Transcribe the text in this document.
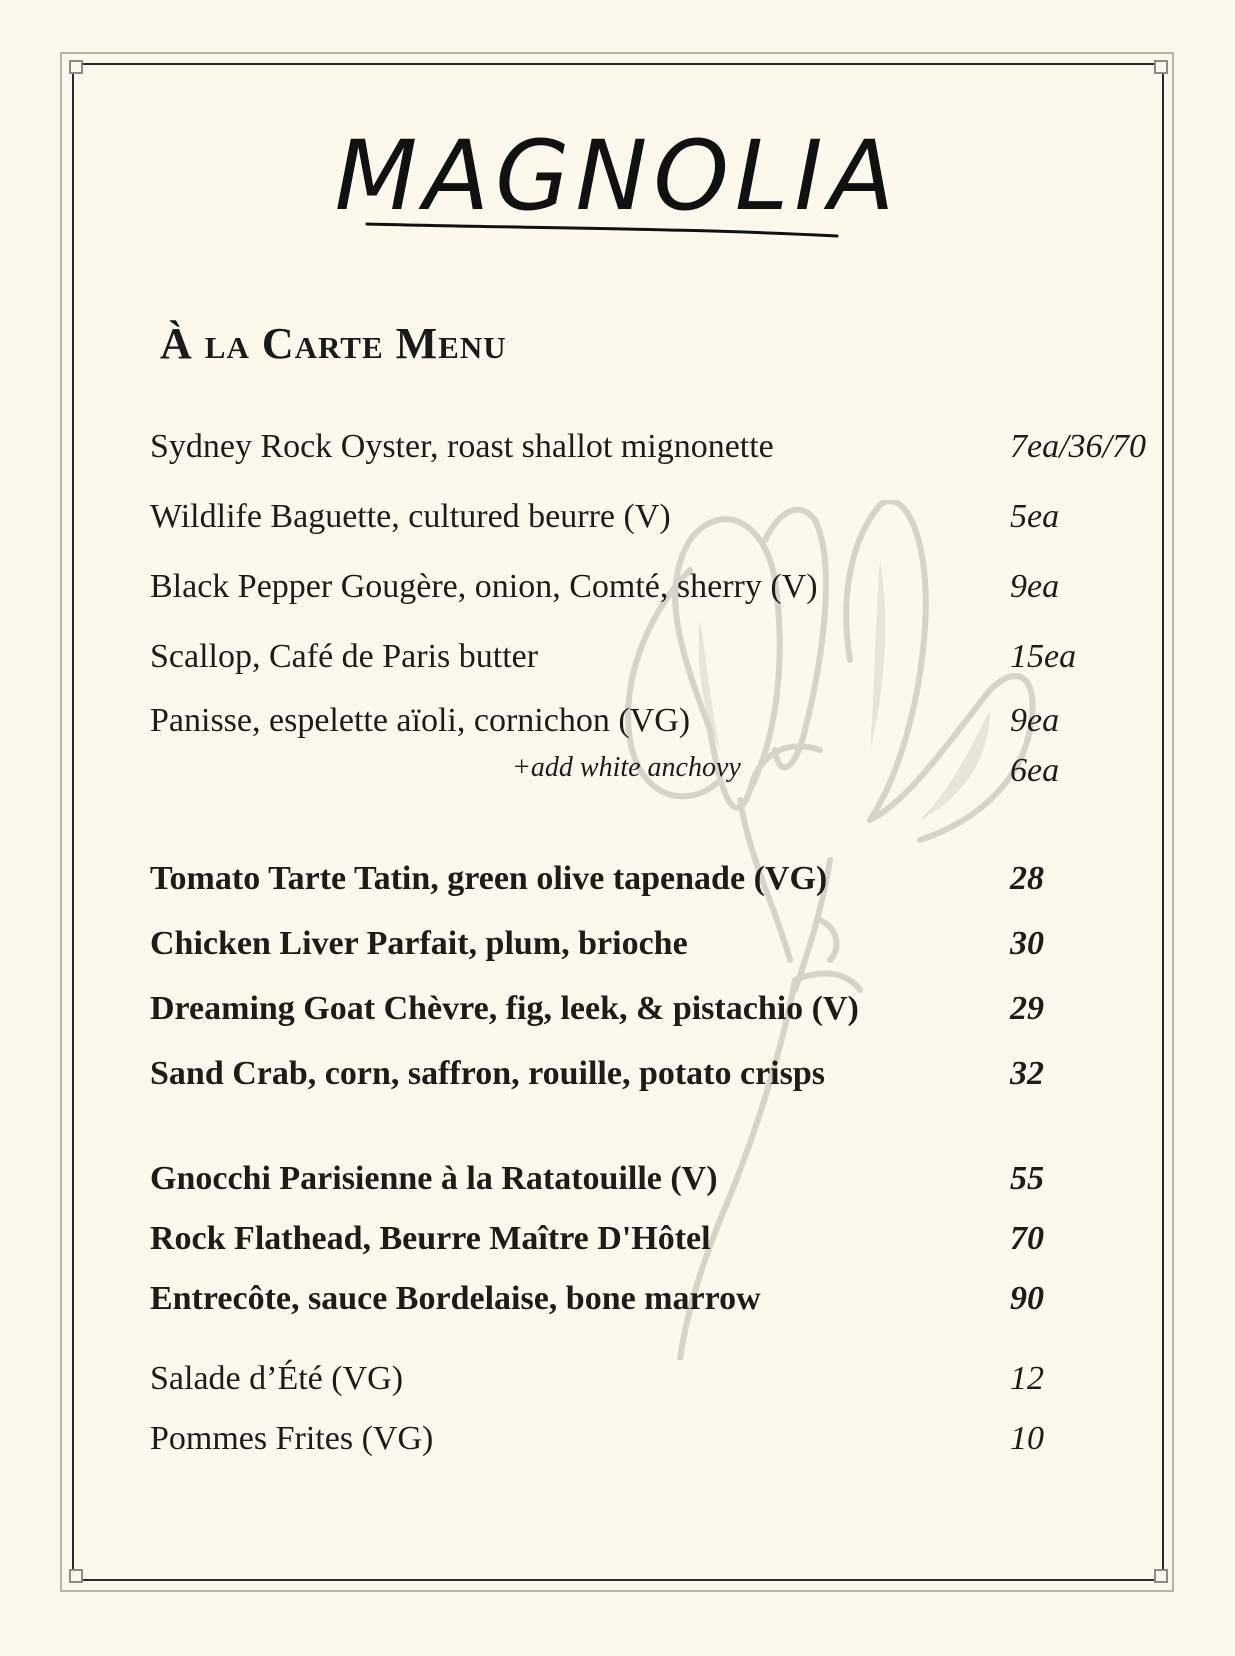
MAGNOLIA
À la Carte Menu
Sydney Rock Oyster, roast shallot mignonette	7ea/36/70
Wildlife Baguette, cultured beurre (V)	5ea
Black Pepper Gougère, onion, Comté, sherry (V)	9ea
Scallop, Café de Paris butter	15ea
Panisse, espelette aïoli, cornichon (VG)	9ea
+add white anchovy	6ea
Tomato Tarte Tatin, green olive tapenade (VG)	28
Chicken Liver Parfait, plum, brioche	30
Dreaming Goat Chèvre, fig, leek, & pistachio (V)	29
Sand Crab, corn, saffron, rouille, potato crisps	32
Gnocchi Parisienne à la Ratatouille (V)	55
Rock Flathead, Beurre Maître D'Hôtel	70
Entrecôte, sauce Bordelaise, bone marrow	90
Salade d’Été (VG)	12
Pommes Frites (VG)	10
